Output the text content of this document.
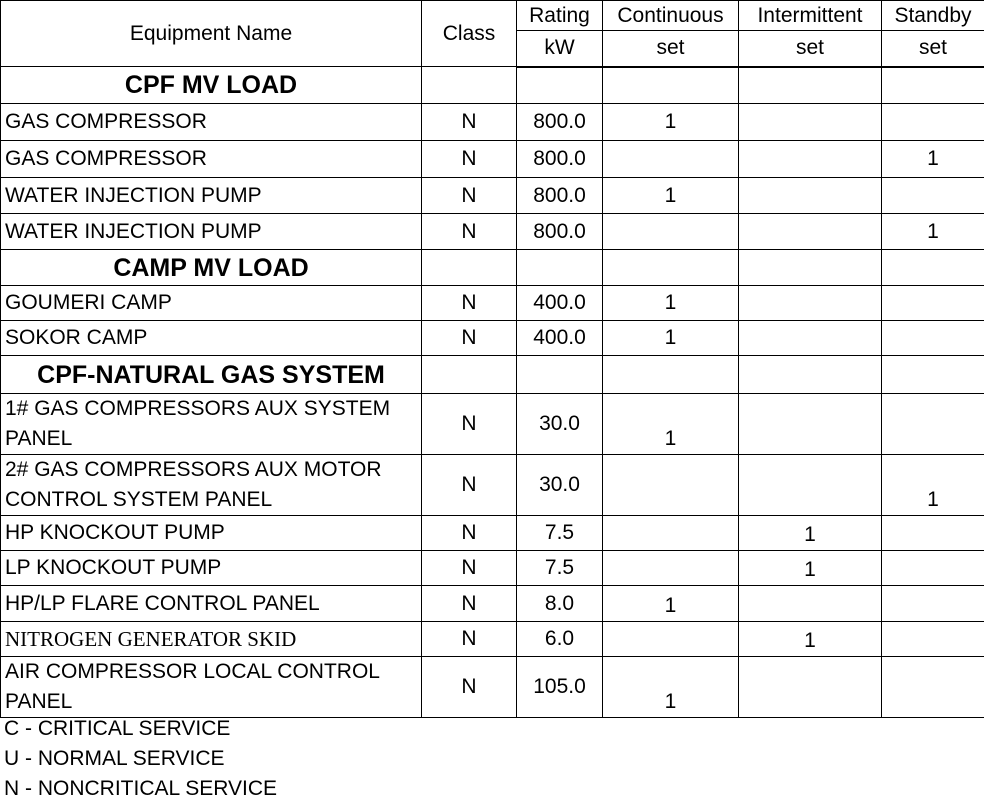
Equipment Name	Class	Rating	Continuous	Intermittent	Standby
		kW	set	set	set
CPF MV LOAD					
GAS COMPRESSOR	N	800.0	1		
GAS COMPRESSOR	N	800.0			1
WATER INJECTION PUMP	N	800.0	1		
WATER INJECTION PUMP	N	800.0			1
CAMP MV LOAD					
GOUMERI CAMP	N	400.0	1		
SOKOR CAMP	N	400.0	1		
CPF-NATURAL GAS SYSTEM					
1# GAS COMPRESSORS AUX SYSTEM PANEL	N	30.0	1		
2# GAS COMPRESSORS AUX MOTOR CONTROL SYSTEM PANEL	N	30.0			1
HP KNOCKOUT PUMP	N	7.5		1	
LP KNOCKOUT PUMP	N	7.5		1	
HP/LP FLARE CONTROL PANEL	N	8.0	1		
NITROGEN GENERATOR SKID	N	6.0		1	
AIR COMPRESSOR LOCAL CONTROL PANEL	N	105.0	1		
C - CRITICAL SERVICE
U - NORMAL SERVICE
N - NONCRITICAL SERVICE
